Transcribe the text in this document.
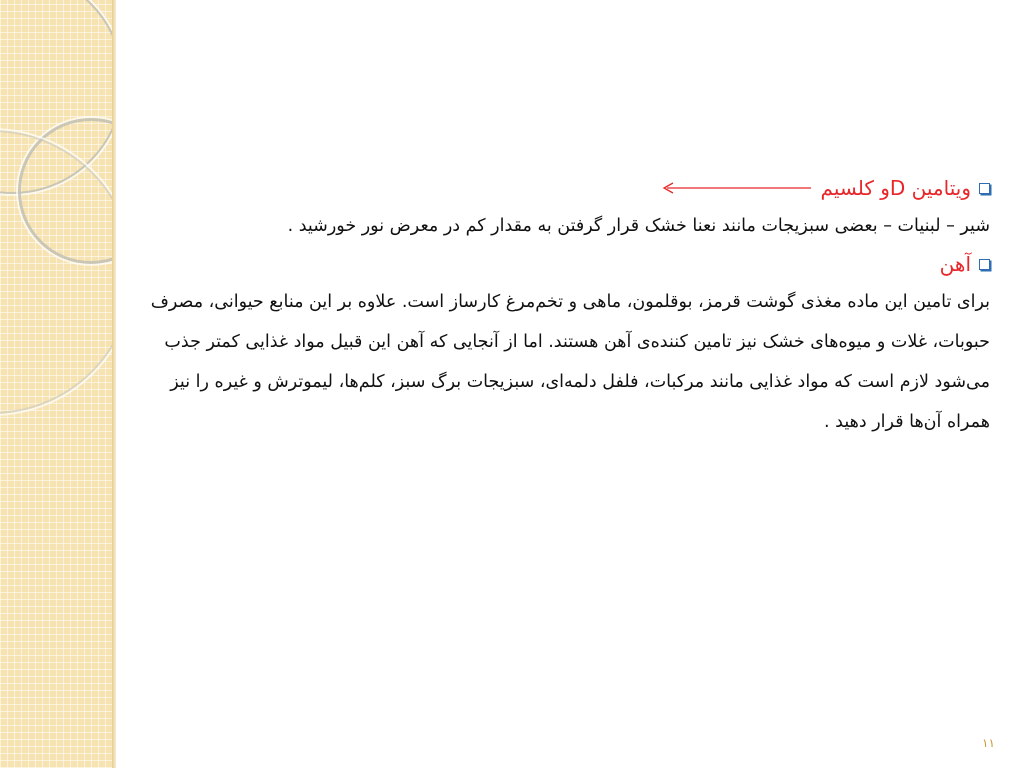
ویتامین Dو کلسیم

شیر – لبنیات – بعضی سبزیجات مانند نعنا خشک قرار گرفتن به مقدار کم در معرض نور خورشید .

آهن

برای تامین این ماده مغذی گوشت قرمز، بوقلمون، ماهی و تخم‌مرغ کارساز است. علاوه بر این منابع حیوانی، مصرف حبوبات، غلات و میوه‌های خشک نیز تامین کننده‌ی آهن هستند. اما از آنجایی که آهن این قبیل مواد غذایی کمتر جذب می‌شود لازم است که مواد غذایی مانند مرکبات، فلفل دلمه‌ای، سبزیجات برگ سبز، کلم‌ها، لیموترش و غیره را نیز همراه آن‌ها قرار دهید .

۱۱
